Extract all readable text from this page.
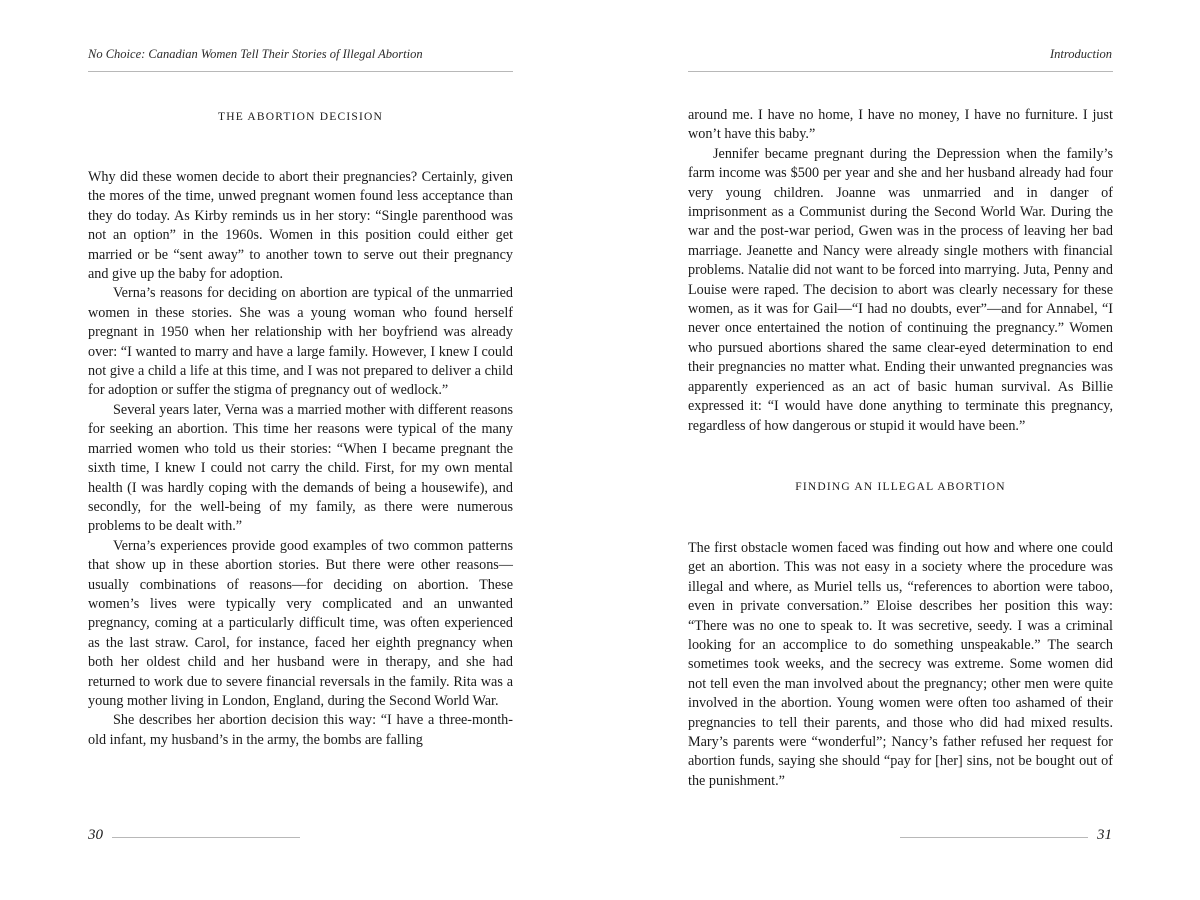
No Choice: Canadian Women Tell Their Stories of Illegal Abortion
THE ABORTION DECISION

Why did these women decide to abort their pregnancies? Certainly, given the mores of the time, unwed pregnant women found less acceptance than they do today. As Kirby reminds us in her story: “Single parenthood was not an option” in the 1960s. Women in this position could either get married or be “sent away” to another town to serve out their pregnancy and give up the baby for adoption.

Verna’s reasons for deciding on abortion are typical of the unmarried women in these stories. She was a young woman who found herself pregnant in 1950 when her relationship with her boyfriend was already over: “I wanted to marry and have a large family. However, I knew I could not give a child a life at this time, and I was not prepared to deliver a child for adoption or suffer the stigma of pregnancy out of wedlock.”

Several years later, Verna was a married mother with different reasons for seeking an abortion. This time her reasons were typical of the many married women who told us their stories: “When I became pregnant the sixth time, I knew I could not carry the child. First, for my own mental health (I was hardly coping with the demands of being a housewife), and secondly, for the well-being of my family, as there were numerous problems to be dealt with.”

Verna’s experiences provide good examples of two common patterns that show up in these abortion stories. But there were other reasons—usually combinations of reasons—for deciding on abortion. These women’s lives were typically very complicated and an unwanted pregnancy, coming at a particularly difficult time, was often experienced as the last straw. Carol, for instance, faced her eighth pregnancy when both her oldest child and her husband were in therapy, and she had returned to work due to severe financial reversals in the family. Rita was a young mother living in London, England, during the Second World War.

She describes her abortion decision this way: “I have a three-month-old infant, my husband’s in the army, the bombs are falling

30
Introduction

around me. I have no home, I have no money, I have no furniture. I just won’t have this baby.”

Jennifer became pregnant during the Depression when the family’s farm income was $500 per year and she and her husband already had four very young children. Joanne was unmarried and in danger of imprisonment as a Communist during the Second World War. During the war and the post-war period, Gwen was in the process of leaving her bad marriage. Jeanette and Nancy were already single mothers with financial problems. Natalie did not want to be forced into marrying. Juta, Penny and Louise were raped. The decision to abort was clearly necessary for these women, as it was for Gail—“I had no doubts, ever”—and for Annabel, “I never once entertained the notion of continuing the pregnancy.” Women who pursued abortions shared the same clear-eyed determination to end their pregnancies no matter what. Ending their unwanted pregnancies was apparently experienced as an act of basic human survival. As Billie expressed it: “I would have done anything to terminate this pregnancy, regardless of how dangerous or stupid it would have been.”

FINDING AN ILLEGAL ABORTION

The first obstacle women faced was finding out how and where one could get an abortion. This was not easy in a society where the procedure was illegal and where, as Muriel tells us, “references to abortion were taboo, even in private conversation.” Eloise describes her position this way: “There was no one to speak to. It was secretive, seedy. I was a criminal looking for an accomplice to do something unspeakable.” The search sometimes took weeks, and the secrecy was extreme. Some women did not tell even the man involved about the pregnancy; other men were quite involved in the abortion. Young women were often too ashamed of their pregnancies to tell their parents, and those who did had mixed results. Mary’s parents were “wonderful”; Nancy’s father refused her request for abortion funds, saying she should “pay for [her] sins, not be bought out of the punishment.”

31
